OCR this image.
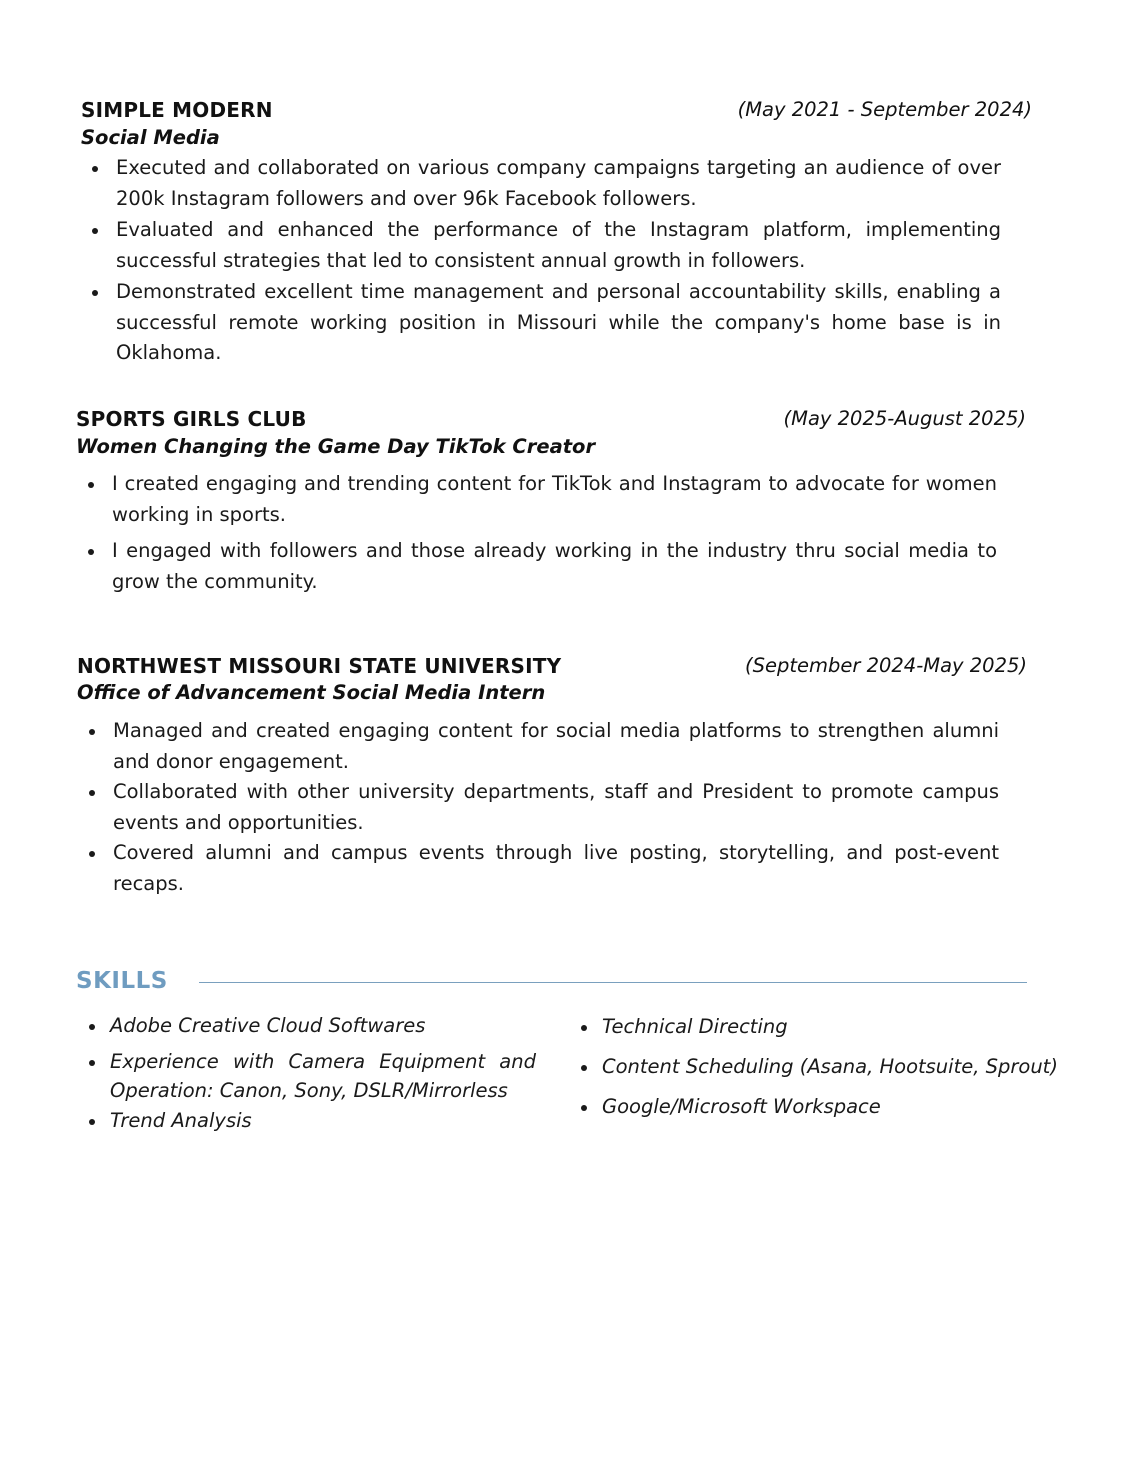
SIMPLE MODERN	(May 2021 - September 2024)
Social Media
Executed and collaborated on various company campaigns targeting an audience of over 200k Instagram followers and over 96k Facebook followers.
Evaluated and enhanced the performance of the Instagram platform, implementing successful strategies that led to consistent annual growth in followers.
Demonstrated excellent time management and personal accountability skills, enabling a successful remote working position in Missouri while the company's home base is in Oklahoma.
SPORTS GIRLS CLUB	(May 2025-August 2025)
Women Changing the Game Day TikTok Creator
I created engaging and trending content for TikTok and Instagram to advocate for women working in sports.
I engaged with followers and those already working in the industry thru social media to grow the community.
NORTHWEST MISSOURI STATE UNIVERSITY	(September 2024-May 2025)
Office of Advancement Social Media Intern
Managed and created engaging content for social media platforms to strengthen alumni and donor engagement.
Collaborated with other university departments, staff and President to promote campus events and opportunities.
Covered alumni and campus events through live posting, storytelling, and post-event recaps.
SKILLS
Adobe Creative Cloud Softwares
Experience with Camera Equipment and Operation: Canon, Sony, DSLR/Mirrorless
Trend Analysis
Technical Directing
Content Scheduling (Asana, Hootsuite, Sprout)
Google/Microsoft Workspace
